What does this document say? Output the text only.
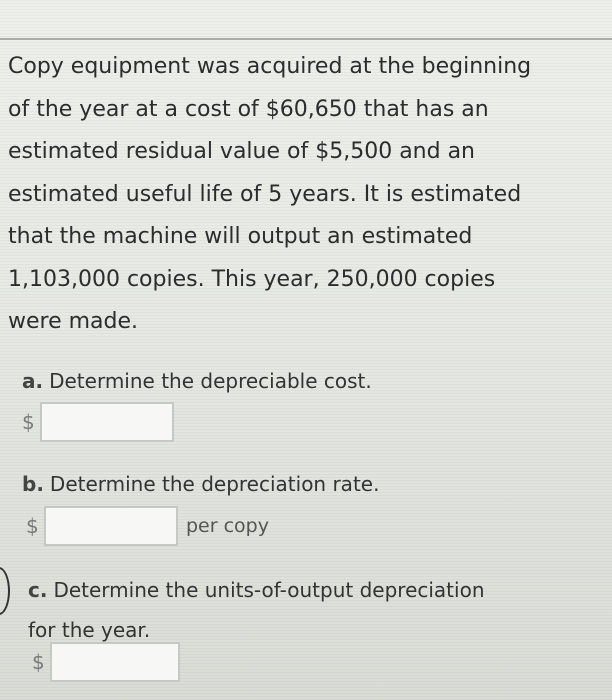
Copy equipment was acquired at the beginning
of the year at a cost of $60,650 that has an
estimated residual value of $5,500 and an
estimated useful life of 5 years. It is estimated
that the machine will output an estimated
1,103,000 copies. This year, 250,000 copies
were made.
a. Determine the depreciable cost.
$
b. Determine the depreciation rate.
$	per copy
c. Determine the units-of-output depreciation
for the year.
$
